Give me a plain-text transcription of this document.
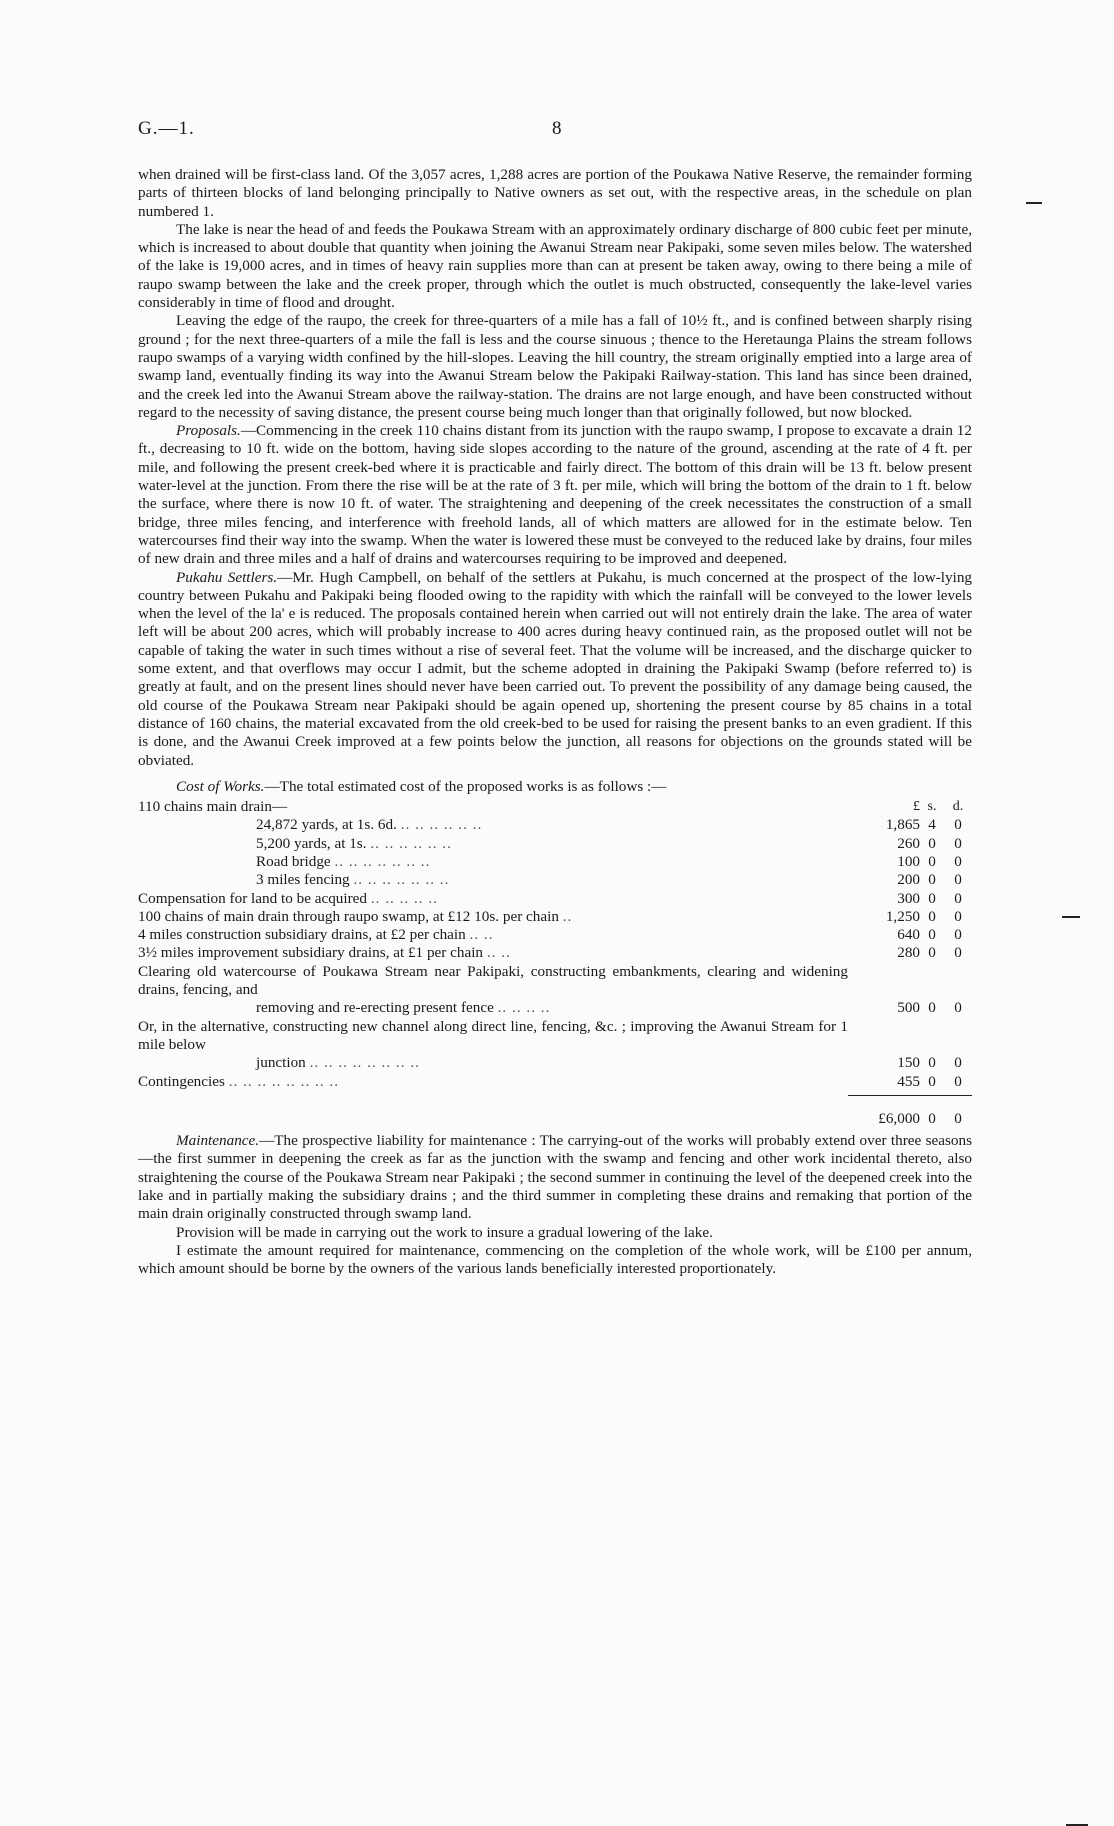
G.—1.	8

when drained will be first-class land. Of the 3,057 acres, 1,288 acres are portion of the Poukawa Native Reserve, the remainder forming parts of thirteen blocks of land belonging principally to Native owners as set out, with the respective areas, in the schedule on plan numbered 1.

The lake is near the head of and feeds the Poukawa Stream with an approximately ordinary discharge of 800 cubic feet per minute, which is increased to about double that quantity when joining the Awanui Stream near Pakipaki, some seven miles below. The watershed of the lake is 19,000 acres, and in times of heavy rain supplies more than can at present be taken away, owing to there being a mile of raupo swamp between the lake and the creek proper, through which the outlet is much obstructed, consequently the lake-level varies considerably in time of flood and drought.

Leaving the edge of the raupo, the creek for three-quarters of a mile has a fall of 10½ ft., and is confined between sharply rising ground ; for the next three-quarters of a mile the fall is less and the course sinuous ; thence to the Heretaunga Plains the stream follows raupo swamps of a varying width confined by the hill-slopes. Leaving the hill country, the stream originally emptied into a large area of swamp land, eventually finding its way into the Awanui Stream below the Pakipaki Railway-station. This land has since been drained, and the creek led into the Awanui Stream above the railway-station. The drains are not large enough, and have been constructed without regard to the necessity of saving distance, the present course being much longer than that originally followed, but now blocked.

Proposals.—Commencing in the creek 110 chains distant from its junction with the raupo swamp, I propose to excavate a drain 12 ft., decreasing to 10 ft. wide on the bottom, having side slopes according to the nature of the ground, ascending at the rate of 4 ft. per mile, and following the present creek-bed where it is practicable and fairly direct. The bottom of this drain will be 13 ft. below present water-level at the junction. From there the rise will be at the rate of 3 ft. per mile, which will bring the bottom of the drain to 1 ft. below the surface, where there is now 10 ft. of water. The straightening and deepening of the creek necessitates the construction of a small bridge, three miles fencing, and interference with freehold lands, all of which matters are allowed for in the estimate below. Ten watercourses find their way into the swamp. When the water is lowered these must be conveyed to the reduced lake by drains, four miles of new drain and three miles and a half of drains and watercourses requiring to be improved and deepened.

Pukahu Settlers.—Mr. Hugh Campbell, on behalf of the settlers at Pukahu, is much concerned at the prospect of the low-lying country between Pukahu and Pakipaki being flooded owing to the rapidity with which the rainfall will be conveyed to the lower levels when the level of the la' e is reduced. The proposals contained herein when carried out will not entirely drain the lake. The area of water left will be about 200 acres, which will probably increase to 400 acres during heavy continued rain, as the proposed outlet will not be capable of taking the water in such times without a rise of several feet. That the volume will be increased, and the discharge quicker to some extent, and that overflows may occur I admit, but the scheme adopted in draining the Pakipaki Swamp (before referred to) is greatly at fault, and on the present lines should never have been carried out. To prevent the possibility of any damage being caused, the old course of the Poukawa Stream near Pakipaki should be again opened up, shortening the present course by 85 chains in a total distance of 160 chains, the material excavated from the old creek-bed to be used for raising the present banks to an even gradient. If this is done, and the Awanui Creek improved at a few points below the junction, all reasons for objections on the grounds stated will be obviated.

Cost of Works.—The total estimated cost of the proposed works is as follows :—

110 chains main drain—	£	s.	d.
24,872 yards, at 1s. 6d. .. .. .. .. .. ..	1,865	4	0
5,200 yards, at 1s. .. .. .. .. .. ..	260	0	0
Road bridge .. .. .. .. .. .. ..	100	0	0
3 miles fencing .. .. .. .. .. .. ..	200	0	0
Compensation for land to be acquired .. .. .. .. ..	300	0	0
100 chains of main drain through raupo swamp, at £12 10s. per chain ..	1,250	0	0
4 miles construction subsidiary drains, at £2 per chain .. ..	640	0	0
3½ miles improvement subsidiary drains, at £1 per chain .. ..	280	0	0
Clearing old watercourse of Poukawa Stream near Pakipaki, constructing embankments, clearing and widening drains, fencing, and			
removing and re-erecting present fence .. .. .. ..	500	0	0
Or, in the alternative, constructing new channel along direct line, fencing, &c. ; improving the Awanui Stream for 1 mile below			
junction .. .. .. .. .. .. .. ..	150	0	0
Contingencies .. .. .. .. .. .. .. ..	455	0	0

	£6,000	0	0

Maintenance.—The prospective liability for maintenance : The carrying-out of the works will probably extend over three seasons—the first summer in deepening the creek as far as the junction with the swamp and fencing and other work incidental thereto, also straightening the course of the Poukawa Stream near Pakipaki ; the second summer in continuing the level of the deepened creek into the lake and in partially making the subsidiary drains ; and the third summer in completing these drains and remaking that portion of the main drain originally constructed through swamp land.

Provision will be made in carrying out the work to insure a gradual lowering of the lake.

I estimate the amount required for maintenance, commencing on the completion of the whole work, will be £100 per annum, which amount should be borne by the owners of the various lands beneficially interested proportionately.
